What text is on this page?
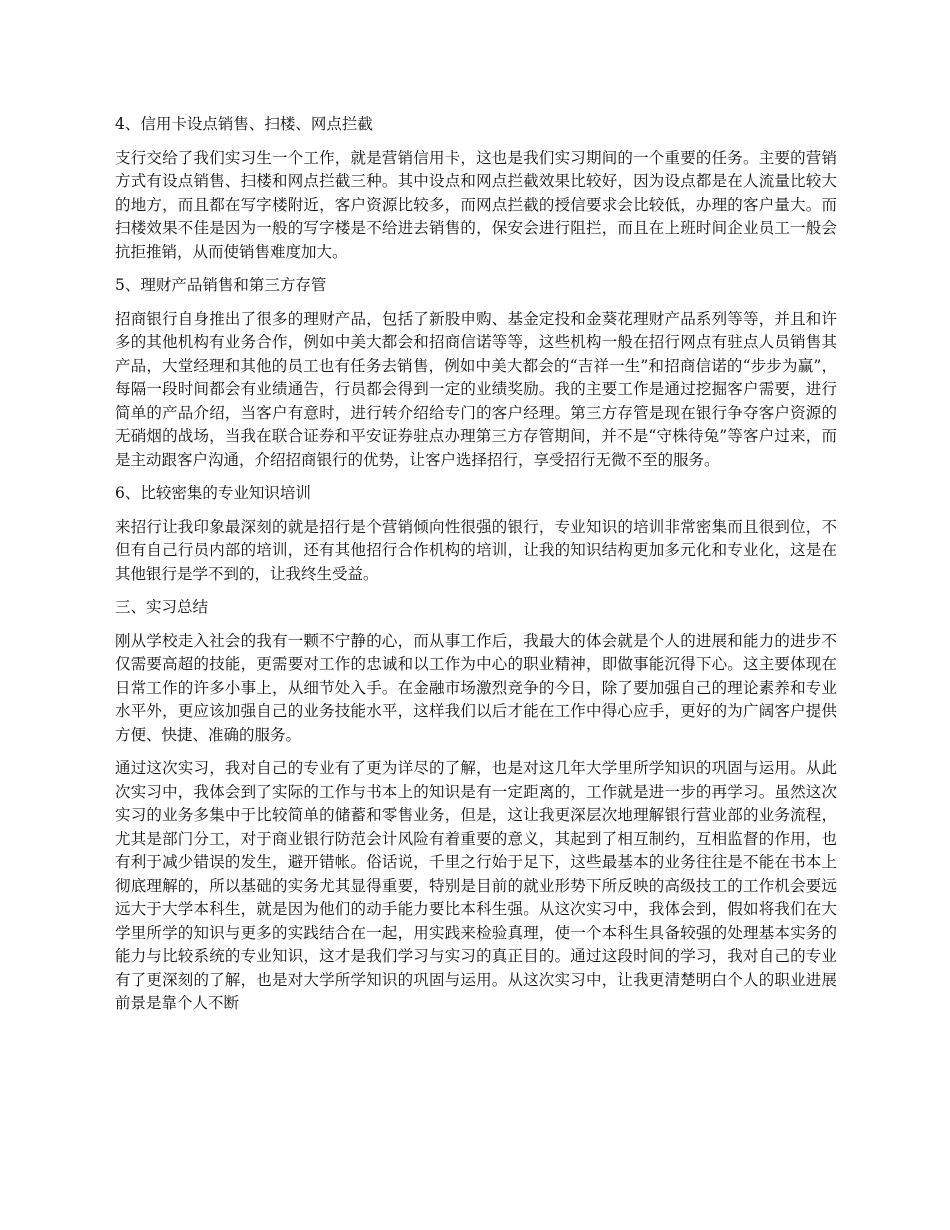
4、信用卡设点销售、扫楼、网点拦截

支行交给了我们实习生一个工作，就是营销信用卡，这也是我们实习期间的一个重要的任务。主要的营销方式有设点销售、扫楼和网点拦截三种。其中设点和网点拦截效果比较好，因为设点都是在人流量比较大的地方，而且都在写字楼附近，客户资源比较多，而网点拦截的授信要求会比较低，办理的客户量大。而扫楼效果不佳是因为一般的写字楼是不给进去销售的，保安会进行阻拦，而且在上班时间企业员工一般会抗拒推销，从而使销售难度加大。

5、理财产品销售和第三方存管

招商银行自身推出了很多的理财产品，包括了新股申购、基金定投和金葵花理财产品系列等等，并且和许多的其他机构有业务合作，例如中美大都会和招商信诺等等，这些机构一般在招行网点有驻点人员销售其产品，大堂经理和其他的员工也有任务去销售，例如中美大都会的“吉祥一生”和招商信诺的“步步为赢”，每隔一段时间都会有业绩通告，行员都会得到一定的业绩奖励。我的主要工作是通过挖掘客户需要，进行简单的产品介绍，当客户有意时，进行转介绍给专门的客户经理。第三方存管是现在银行争夺客户资源的无硝烟的战场，当我在联合证券和平安证券驻点办理第三方存管期间，并不是“守株待兔”等客户过来，而是主动跟客户沟通，介绍招商银行的优势，让客户选择招行，享受招行无微不至的服务。

6、比较密集的专业知识培训

来招行让我印象最深刻的就是招行是个营销倾向性很强的银行，专业知识的培训非常密集而且很到位，不但有自己行员内部的培训，还有其他招行合作机构的培训，让我的知识结构更加多元化和专业化，这是在其他银行是学不到的，让我终生受益。

三、实习总结

刚从学校走入社会的我有一颗不宁静的心，而从事工作后，我最大的体会就是个人的进展和能力的进步不仅需要高超的技能，更需要对工作的忠诚和以工作为中心的职业精神，即做事能沉得下心。这主要体现在日常工作的许多小事上，从细节处入手。在金融市场激烈竞争的今日，除了要加强自己的理论素养和专业水平外，更应该加强自己的业务技能水平，这样我们以后才能在工作中得心应手，更好的为广阔客户提供方便、快捷、准确的服务。

通过这次实习，我对自己的专业有了更为详尽的了解，也是对这几年大学里所学知识的巩固与运用。从此次实习中，我体会到了实际的工作与书本上的知识是有一定距离的，工作就是进一步的再学习。虽然这次实习的业务多集中于比较简单的储蓄和零售业务，但是，这让我更深层次地理解银行营业部的业务流程，尤其是部门分工，对于商业银行防范会计风险有着重要的意义，其起到了相互制约，互相监督的作用，也有利于减少错误的发生，避开错帐。俗话说，千里之行始于足下，这些最基本的业务往往是不能在书本上彻底理解的，所以基础的实务尤其显得重要，特别是目前的就业形势下所反映的高级技工的工作机会要远远大于大学本科生，就是因为他们的动手能力要比本科生强。从这次实习中，我体会到，假如将我们在大学里所学的知识与更多的实践结合在一起，用实践来检验真理，使一个本科生具备较强的处理基本实务的能力与比较系统的专业知识，这才是我们学习与实习的真正目的。通过这段时间的学习，我对自己的专业有了更深刻的了解，也是对大学所学知识的巩固与运用。从这次实习中，让我更清楚明白个人的职业进展前景是靠个人不断
